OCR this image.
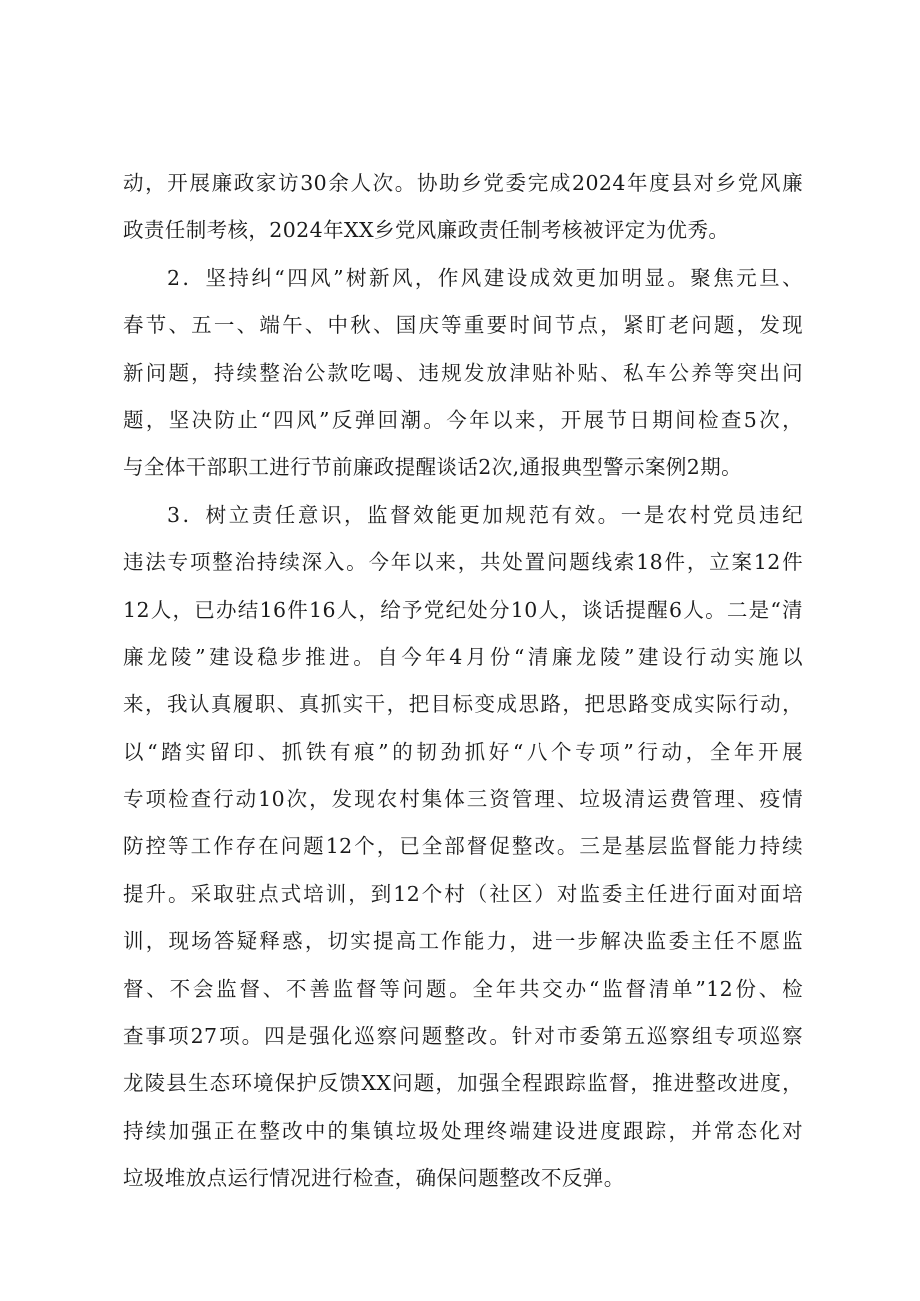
动，开展廉政家访30余人次。协助乡党委完成2024年度县对乡党风廉
政责任制考核，2024年XX乡党风廉政责任制考核被评定为优秀。
2．坚持纠“四风”树新风，作风建设成效更加明显。聚焦元旦、
春节、五一、端午、中秋、国庆等重要时间节点，紧盯老问题，发现
新问题，持续整治公款吃喝、违规发放津贴补贴、私车公养等突出问
题，坚决防止“四风”反弹回潮。今年以来，开展节日期间检查5次，
与全体干部职工进行节前廉政提醒谈话2次,通报典型警示案例2期。
3．树立责任意识，监督效能更加规范有效。一是农村党员违纪
违法专项整治持续深入。今年以来，共处置问题线索18件，立案12件
12人，已办结16件16人，给予党纪处分10人，谈话提醒6人。二是“清
廉龙陵”建设稳步推进。自今年4月份“清廉龙陵”建设行动实施以
来，我认真履职、真抓实干，把目标变成思路，把思路变成实际行动，
以“踏实留印、抓铁有痕”的韧劲抓好“八个专项”行动，全年开展
专项检查行动10次，发现农村集体三资管理、垃圾清运费管理、疫情
防控等工作存在问题12个，已全部督促整改。三是基层监督能力持续
提升。采取驻点式培训，到12个村（社区）对监委主任进行面对面培
训，现场答疑释惑，切实提高工作能力，进一步解决监委主任不愿监
督、不会监督、不善监督等问题。全年共交办“监督清单”12份、检
查事项27项。四是强化巡察问题整改。针对市委第五巡察组专项巡察
龙陵县生态环境保护反馈XX问题，加强全程跟踪监督，推进整改进度，
持续加强正在整改中的集镇垃圾处理终端建设进度跟踪，并常态化对
垃圾堆放点运行情况进行检查，确保问题整改不反弹。
